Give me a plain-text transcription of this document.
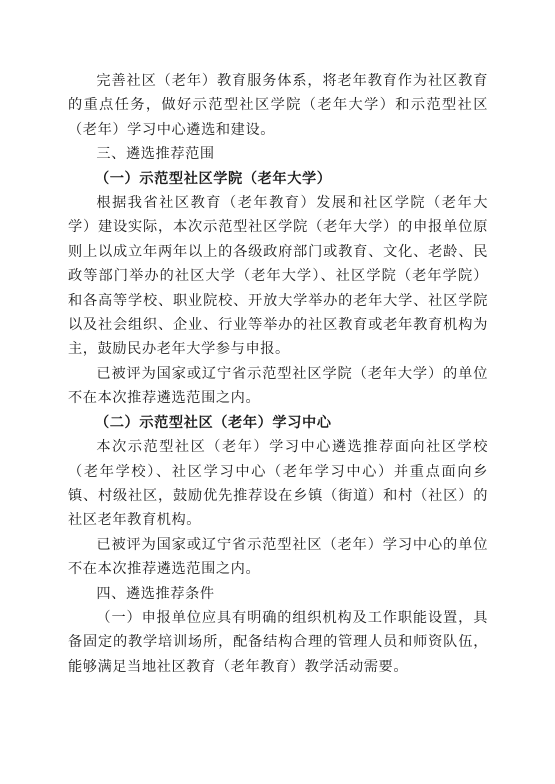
完善社区（老年）教育服务体系，将老年教育作为社区教育的重点任务，做好示范型社区学院（老年大学）和示范型社区（老年）学习中心遴选和建设。

三、遴选推荐范围

（一）示范型社区学院（老年大学）

根据我省社区教育（老年教育）发展和社区学院（老年大学）建设实际，本次示范型社区学院（老年大学）的申报单位原则上以成立年两年以上的各级政府部门或教育、文化、老龄、民政等部门举办的社区大学（老年大学）、社区学院（老年学院）和各高等学校、职业院校、开放大学举办的老年大学、社区学院以及社会组织、企业、行业等举办的社区教育或老年教育机构为主，鼓励民办老年大学参与申报。

已被评为国家或辽宁省示范型社区学院（老年大学）的单位不在本次推荐遴选范围之内。

（二）示范型社区（老年）学习中心

本次示范型社区（老年）学习中心遴选推荐面向社区学校（老年学校）、社区学习中心（老年学习中心）并重点面向乡镇、村级社区，鼓励优先推荐设在乡镇（街道）和村（社区）的社区老年教育机构。

已被评为国家或辽宁省示范型社区（老年）学习中心的单位不在本次推荐遴选范围之内。

四、遴选推荐条件

（一）申报单位应具有明确的组织机构及工作职能设置，具备固定的教学培训场所，配备结构合理的管理人员和师资队伍，能够满足当地社区教育（老年教育）教学活动需要。
